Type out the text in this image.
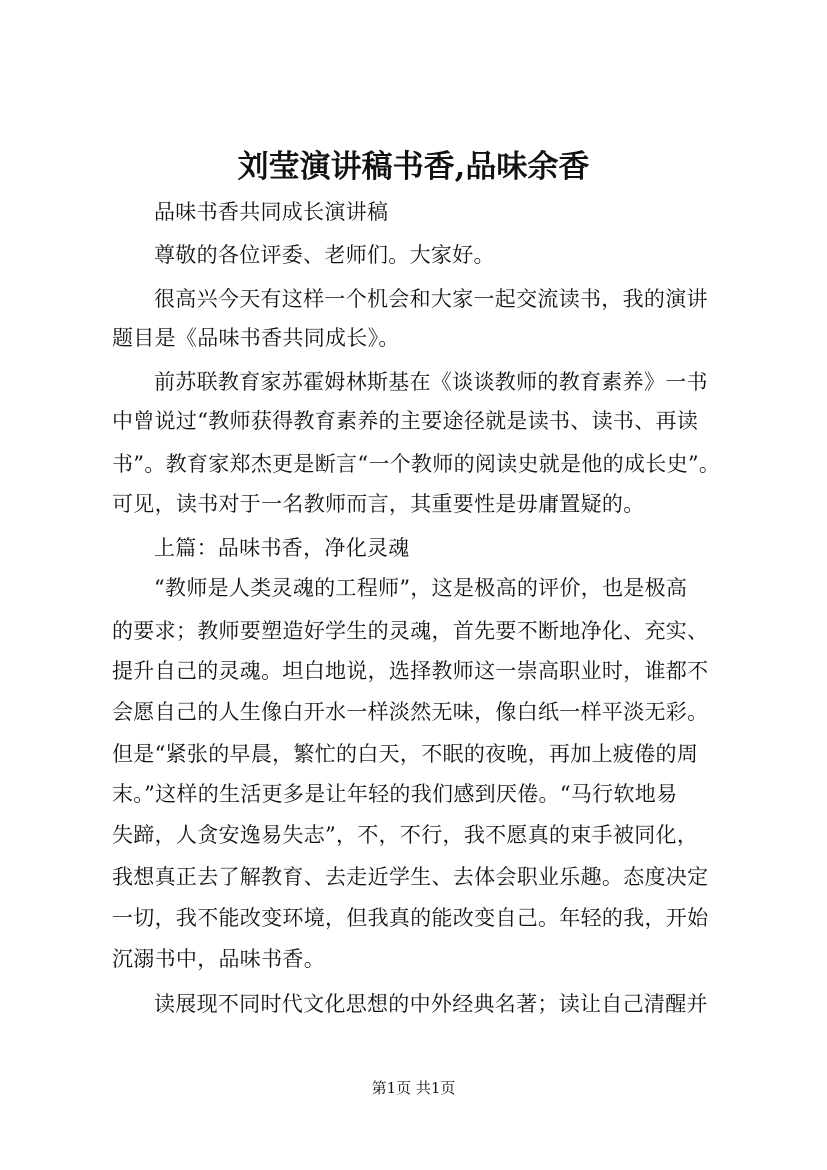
刘莹演讲稿书香,品味余香
品味书香共同成长演讲稿
尊敬的各位评委、老师们。大家好。
很高兴今天有这样一个机会和大家一起交流读书，我的演讲
题目是《品味书香共同成长》。
前苏联教育家苏霍姆林斯基在《谈谈教师的教育素养》一书
中曾说过“教师获得教育素养的主要途径就是读书、读书、再读
书”。教育家郑杰更是断言“一个教师的阅读史就是他的成长史”。
可见，读书对于一名教师而言，其重要性是毋庸置疑的。
上篇：品味书香，净化灵魂
“教师是人类灵魂的工程师”，这是极高的评价，也是极高
的要求；教师要塑造好学生的灵魂，首先要不断地净化、充实、
提升自己的灵魂。坦白地说，选择教师这一崇高职业时，谁都不
会愿自己的人生像白开水一样淡然无味，像白纸一样平淡无彩。
但是“紧张的早晨，繁忙的白天，不眠的夜晚，再加上疲倦的周
末。”这样的生活更多是让年轻的我们感到厌倦。“马行软地易
失蹄，人贪安逸易失志”，不，不行，我不愿真的束手被同化，
我想真正去了解教育、去走近学生、去体会职业乐趣。态度决定
一切，我不能改变环境，但我真的能改变自己。年轻的我，开始
沉溺书中，品味书香。
读展现不同时代文化思想的中外经典名著；读让自己清醒并
第1页 共1页
